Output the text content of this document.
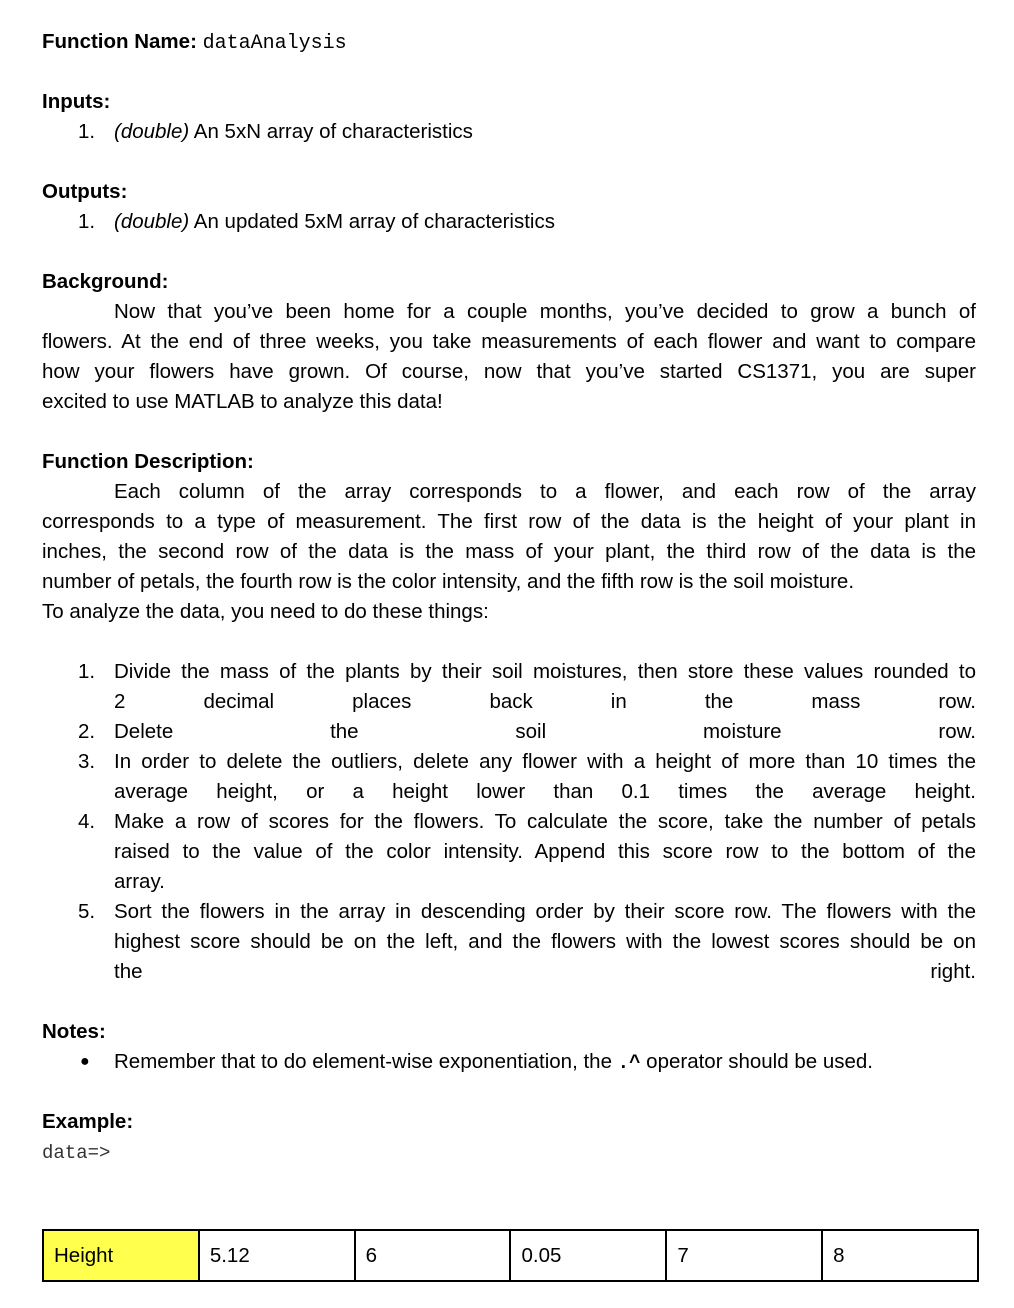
Function Name: dataAnalysis
Inputs:
1. (double) An 5xN array of characteristics
Outputs:
1. (double) An updated 5xM array of characteristics
Background:
Now that you’ve been home for a couple months, you’ve decided to grow a bunch of
flowers. At the end of three weeks, you take measurements of each flower and want to compare
how your flowers have grown. Of course, now that you’ve started CS1371, you are super
excited to use MATLAB to analyze this data!
Function Description:
Each column of the array corresponds to a flower, and each row of the array
corresponds to a type of measurement. The first row of the data is the height of your plant in
inches, the second row of the data is the mass of your plant, the third row of the data is the
number of petals, the fourth row is the color intensity, and the fifth row is the soil moisture.
To analyze the data, you need to do these things:
1. Divide the mass of the plants by their soil moistures, then store these values rounded to
2 decimal places back in the mass row.
2. Delete the soil moisture row.
3. In order to delete the outliers, delete any flower with a height of more than 10 times the
average height, or a height lower than 0.1 times the average height.
4. Make a row of scores for the flowers. To calculate the score, take the number of petals
raised to the value of the color intensity. Append this score row to the bottom of the
array.
5. Sort the flowers in the array in descending order by their score row. The flowers with the
highest score should be on the left, and the flowers with the lowest scores should be on
the right.
Notes:
● Remember that to do element-wise exponentiation, the .^ operator should be used.
Example:
data=>
Height	5.12	6	0.05	7	8
